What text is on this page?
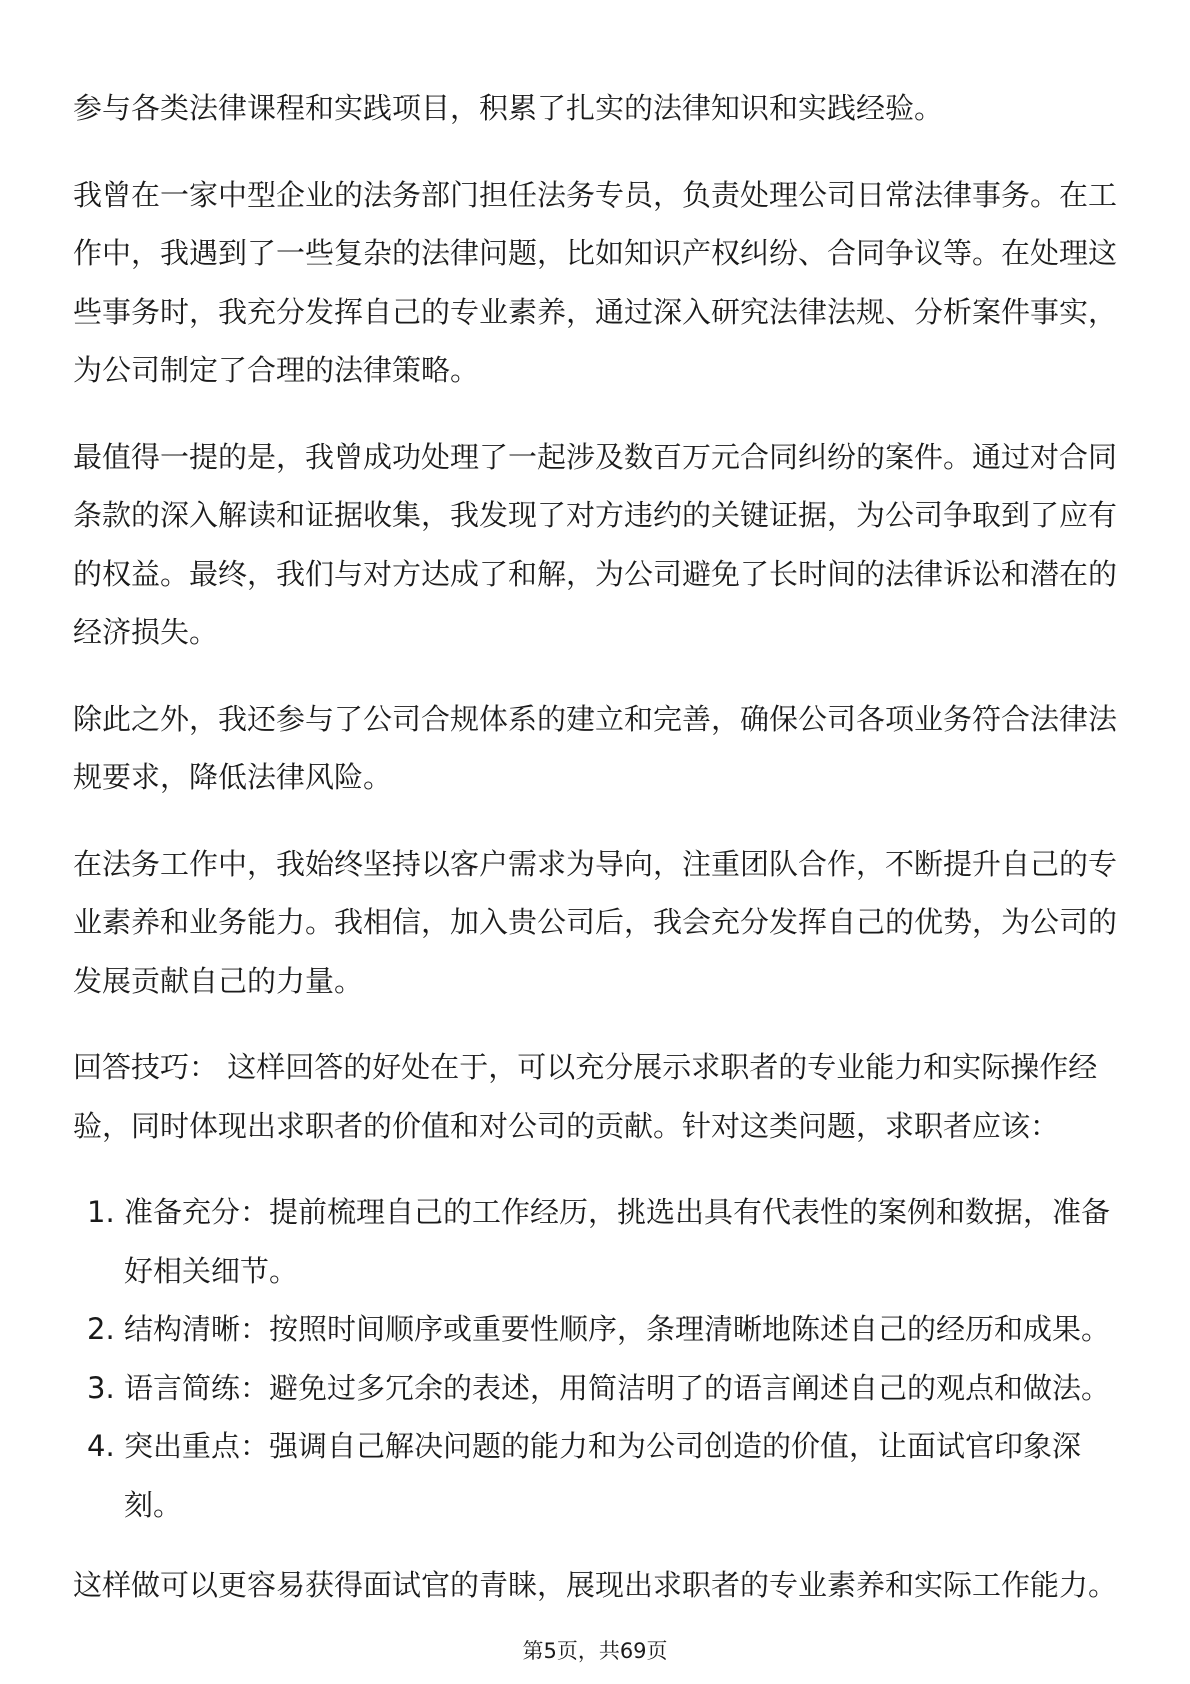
参与各类法律课程和实践项目，积累了扎实的法律知识和实践经验。

我曾在一家中型企业的法务部门担任法务专员，负责处理公司日常法律事务。在工
作中，我遇到了一些复杂的法律问题，比如知识产权纠纷、合同争议等。在处理这
些事务时，我充分发挥自己的专业素养，通过深入研究法律法规、分析案件事实，
为公司制定了合理的法律策略。

最值得一提的是，我曾成功处理了一起涉及数百万元合同纠纷的案件。通过对合同
条款的深入解读和证据收集，我发现了对方违约的关键证据，为公司争取到了应有
的权益。最终，我们与对方达成了和解，为公司避免了长时间的法律诉讼和潜在的
经济损失。

除此之外，我还参与了公司合规体系的建立和完善，确保公司各项业务符合法律法
规要求，降低法律风险。

在法务工作中，我始终坚持以客户需求为导向，注重团队合作，不断提升自己的专
业素养和业务能力。我相信，加入贵公司后，我会充分发挥自己的优势，为公司的
发展贡献自己的力量。

回答技巧： 这样回答的好处在于，可以充分展示求职者的专业能力和实际操作经
验，同时体现出求职者的价值和对公司的贡献。针对这类问题，求职者应该：

1. 准备充分：提前梳理自己的工作经历，挑选出具有代表性的案例和数据，准备
好相关细节。
2. 结构清晰：按照时间顺序或重要性顺序，条理清晰地陈述自己的经历和成果。
3. 语言简练：避免过多冗余的表述，用简洁明了的语言阐述自己的观点和做法。
4. 突出重点：强调自己解决问题的能力和为公司创造的价值，让面试官印象深
刻。

这样做可以更容易获得面试官的青睐，展现出求职者的专业素养和实际工作能力。

第5页，共69页
